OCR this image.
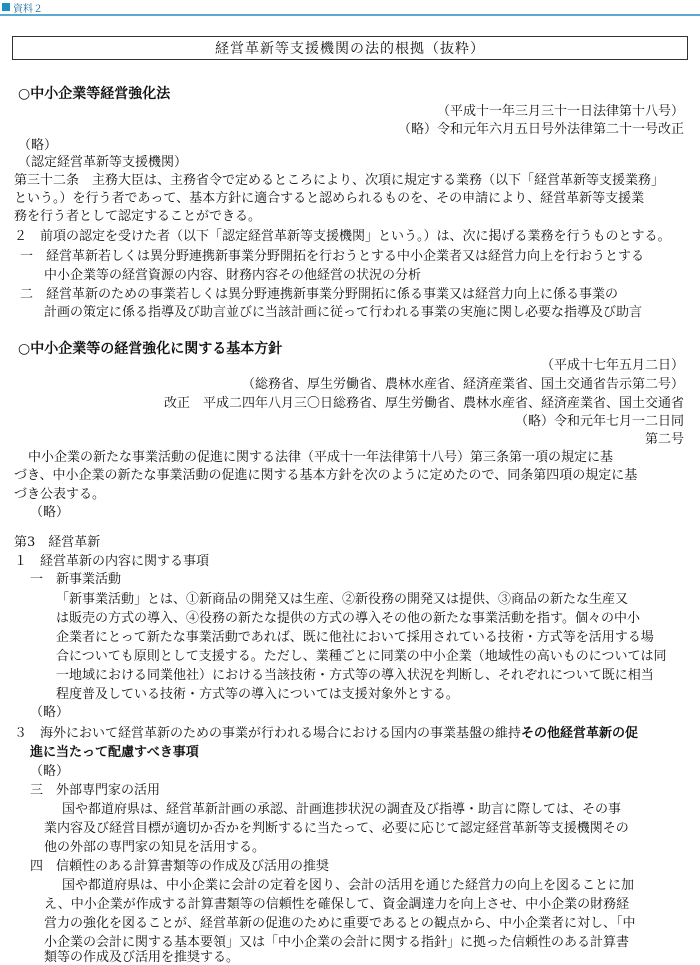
資料２
経営革新等支援機関の法的根拠（抜粋）
○中小企業等経営強化法
（平成十一年三月三十一日法律第十八号）
（略）令和元年六月五日号外法律第二十一号改正
（略）
（認定経営革新等支援機関）
第三十二条　主務大臣は、主務省令で定めるところにより、次項に規定する業務（以下「経営革新等支援業務」
という。）を行う者であって、基本方針に適合すると認められるものを、その申請により、経営革新等支援業
務を行う者として認定することができる。
２　前項の認定を受けた者（以下「認定経営革新等支援機関」という。）は、次に掲げる業務を行うものとする。
一　経営革新若しくは異分野連携新事業分野開拓を行おうとする中小企業者又は経営力向上を行おうとする
中小企業等の経営資源の内容、財務内容その他経営の状況の分析
二　経営革新のための事業若しくは異分野連携新事業分野開拓に係る事業又は経営力向上に係る事業の
計画の策定に係る指導及び助言並びに当該計画に従って行われる事業の実施に関し必要な指導及び助言
○中小企業等の経営強化に関する基本方針
（平成十七年五月二日）
（総務省、厚生労働省、農林水産省、経済産業省、国土交通省告示第二号）
改正　平成二四年八月三〇日総務省、厚生労働省、農林水産省、経済産業省、国土交通省
（略）令和元年七月一二日同
第二号
中小企業の新たな事業活動の促進に関する法律（平成十一年法律第十八号）第三条第一項の規定に基
づき、中小企業の新たな事業活動の促進に関する基本方針を次のように定めたので、同条第四項の規定に基
づき公表する。
（略）
第3　経営革新
１　経営革新の内容に関する事項
一　新事業活動
「新事業活動」とは、①新商品の開発又は生産、②新役務の開発又は提供、③商品の新たな生産又
は販売の方式の導入、④役務の新たな提供の方式の導入その他の新たな事業活動を指す。個々の中小
企業者にとって新たな事業活動であれば、既に他社において採用されている技術・方式等を活用する場
合についても原則として支援する。ただし、業種ごとに同業の中小企業（地域性の高いものについては同
一地域における同業他社）における当該技術・方式等の導入状況を判断し、それぞれについて既に相当
程度普及している技術・方式等の導入については支援対象外とする。
（略）
３　海外において経営革新のための事業が行われる場合における国内の事業基盤の維持その他経営革新の促
進に当たって配慮すべき事項
（略）
三　外部専門家の活用
国や都道府県は、経営革新計画の承認、計画進捗状況の調査及び指導・助言に際しては、その事
業内容及び経営目標が適切か否かを判断するに当たって、必要に応じて認定経営革新等支援機関その
他の外部の専門家の知見を活用する。
四　信頼性のある計算書類等の作成及び活用の推奨
国や都道府県は、中小企業に会計の定着を図り、会計の活用を通じた経営力の向上を図ることに加
え、中小企業が作成する計算書類等の信頼性を確保して、資金調達力を向上させ、中小企業の財務経
営力の強化を図ることが、経営革新の促進のために重要であるとの観点から、中小企業者に対し、「中
小企業の会計に関する基本要領」又は「中小企業の会計に関する指針」に拠った信頼性のある計算書
類等の作成及び活用を推奨する。
